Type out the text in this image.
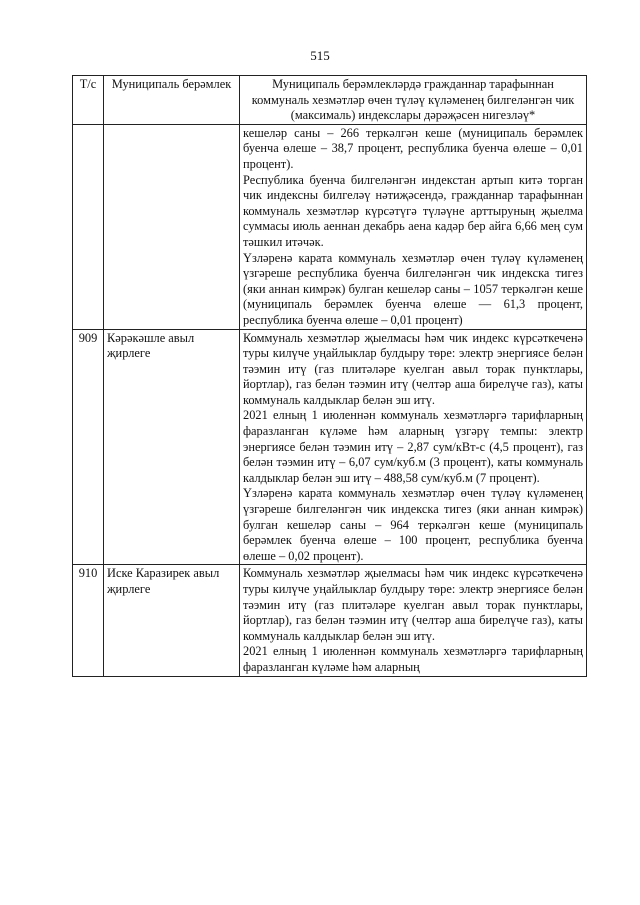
515
Т/с	Муниципаль берәмлек	Муниципаль берәмлекләрдә гражданнар тарафыннан коммуналь хезмәтләр өчен түләү күләменең билгеләнгән чик (максималь) индекслары дәрәҗәсен нигезләү*

		кешеләр саны – 266 теркәлгән кеше (муниципаль берәмлек буенча өлеше – 38,7 процент, республика буенча өлеше – 0,01 процент).

Республика буенча билгеләнгән индекстан артып китә торган чик индексны билгеләү нәтиҗәсендә, гражданнар тарафыннан коммуналь хезмәтләр күрсәтүгә түләүне арттыруның җыелма суммасы июль аеннан декабрь аена кадәр бер айга 6,66 мең сум тәшкил итәчәк.

Үзләренә карата коммуналь хезмәтләр өчен түләү күләменең үзгәреше республика буенча билгеләнгән чик индекска тигез (яки аннан кимрәк) булган кешеләр саны – 1057 теркәлгән кеше (муниципаль берәмлек буенча өлеше — 61,3 процент, республика буенча өлеше – 0,01 процент)

909	Кәрәкәшле авыл җирлеге	Коммуналь хезмәтләр җыелмасы һәм чик индекс күрсәткеченә туры килүче уңайлыклар булдыру төре: электр энергиясе белән тәэмин итү (газ плитәләре куелган авыл торак пунктлары, йортлар), газ белән тәэмин итү (челтәр аша бирелүче газ), каты коммуналь калдыклар белән эш итү.

2021 елның 1 июленнән коммуналь хезмәтләргә тарифларның фаразланган күләме һәм аларның үзгәрү темпы: электр энергиясе белән тәэмин итү – 2,87 сум/кВт-с (4,5 процент), газ белән тәэмин итү – 6,07 сум/куб.м (3 процент), каты коммуналь калдыклар белән эш итү – 488,58 сум/куб.м (7 процент).

Үзләренә карата коммуналь хезмәтләр өчен түләү күләменең үзгәреше билгеләнгән чик индекска тигез (яки аннан кимрәк) булган кешеләр саны – 964 теркәлгән кеше (муниципаль берәмлек буенча өлеше – 100 процент, республика буенча өлеше – 0,02 процент).

910	Иске Каразирек авыл җирлеге	Коммуналь хезмәтләр җыелмасы һәм чик индекс күрсәткеченә туры килүче уңайлыклар булдыру төре: электр энергиясе белән тәэмин итү (газ плитәләре куелган авыл торак пунктлары, йортлар), газ белән тәэмин итү (челтәр аша бирелүче газ), каты коммуналь калдыклар белән эш итү.

2021 елның 1 июленнән коммуналь хезмәтләргә тарифларның фаразланган күләме һәм аларның
